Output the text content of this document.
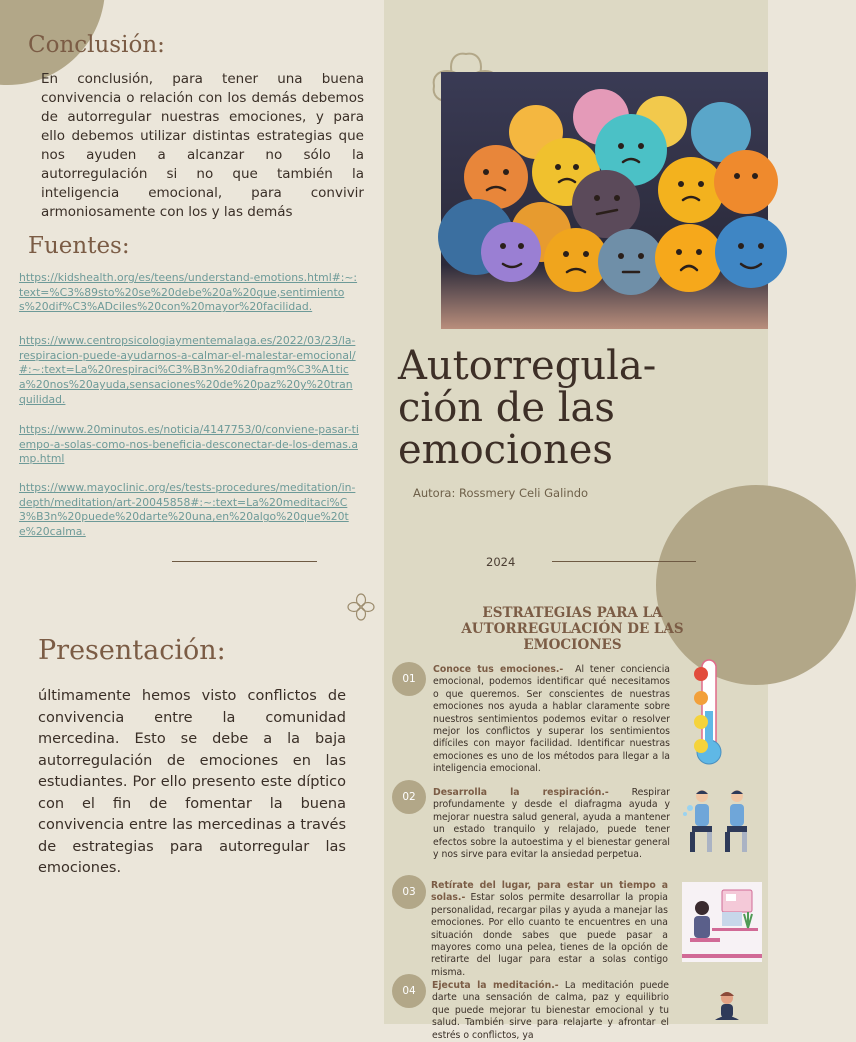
Conclusión:

En conclusión, para tener una buena convivencia o relación con los demás debemos de autorregular nuestras emociones, y para ello debemos utilizar distintas estrategias que nos ayuden a alcanzar no sólo la autorregulación si no que también la inteligencia emocional, para convivir armoniosamente con los y las demás

Fuentes:
https://kidshealth.org/es/teens/understand-emotions.html#:~:text=%C3%89sto%20se%20debe%20a%20que,sentimientos%20dif%C3%ADciles%20con%20mayor%20facilidad.
https://www.centropsicologiaymentemalaga.es/2022/03/23/la-respiracion-puede-ayudarnos-a-calmar-el-malestar-emocional/#:~:text=La%20respiraci%C3%B3n%20diafragm%C3%A1tica%20nos%20ayuda,sensaciones%20de%20paz%20y%20tranquilidad.
https://www.20minutos.es/noticia/4147753/0/conviene-pasar-tiempo-a-solas-como-nos-beneficia-desconectar-de-los-demas.amp.html
https://www.mayoclinic.org/es/tests-procedures/meditation/in-depth/meditation/art-20045858#:~:text=La%20meditaci%C3%B3n%20puede%20darte%20una,en%20algo%20que%20te%20calma.
Presentación:

últimamente hemos visto conflictos de convivencia entre la comunidad mercedina. Esto se debe a la baja autorregulación de emociones en las estudiantes. Por ello presento este díptico con el fin de fomentar la buena convivencia entre las mercedinas a través de estrategias para autorregular las emociones.

Autorregula-
ción de las
emociones
Autora: Rossmery Celi Galindo
2024
ESTRATEGIAS PARA LA AUTORREGULACIÓN DE LAS EMOCIONES
01

Conoce tus emociones.- Al tener conciencia emocional, podemos identificar qué necesitamos o que queremos. Ser conscientes de nuestras emociones nos ayuda a hablar claramente sobre nuestros sentimientos podemos evitar o resolver mejor los conflictos y superar los sentimientos difíciles con mayor facilidad. Identificar nuestras emociones es uno de los métodos para llegar a la inteligencia emocional.

02	Desarrolla la respiración.- Respirar profundamente y desde el diafragma ayuda y mejorar nuestra salud general, ayuda a mantener un estado tranquilo y relajado, puede tener efectos sobre la autoestima y el bienestar general y nos sirve para evitar la ansiedad perpetua.

03

Retírate del lugar, para estar un tiempo a solas.- Estar solos permite desarrollar la propia personalidad, recargar pilas y ayuda a manejar las emociones. Por ello cuanto te encuentres en una situación donde sabes que puede pasar a mayores como una pelea, tienes de la opción de retirarte del lugar para estar a solas contigo misma.

04	Ejecuta la meditación.- La meditación puede darte una sensación de calma, paz y equilibrio que puede mejorar tu bienestar emocional y tu salud. También sirve para relajarte y afrontar el estrés o conflictos, ya
